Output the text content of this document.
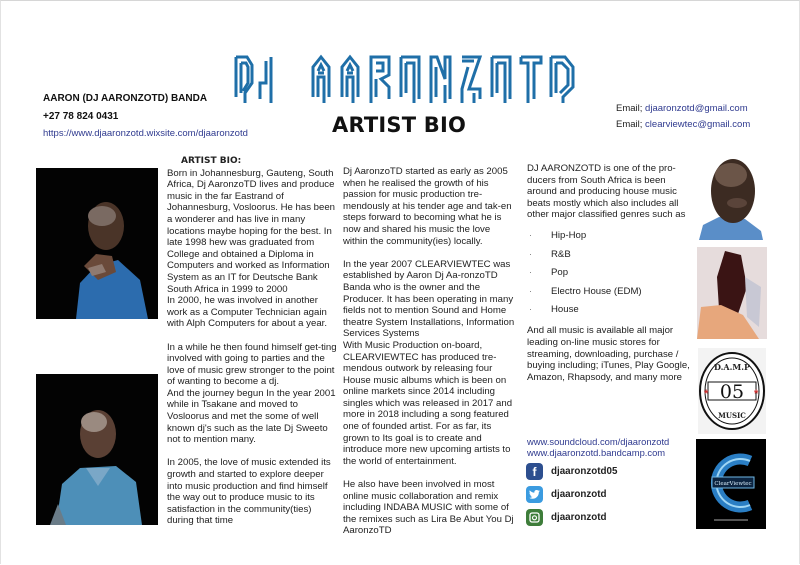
ARTIST BIO
AARON (DJ AARONZOTD) BANDA
+27 78 824 0431
https://www.djaaronzotd.wixsite.com/djaaronzotd
Email; djaaronzotd@gmail.com
Email; clearviewtec@gmail.com
ARTIST BIO:

Born in Johannesburg, Gauteng, South Africa, Dj AaronzoTD lives and produce music in the far Eastrand of Johannesburg, Vosloorus. He has been a wonderer and has live in many locations maybe hoping for the best. In late 1998 hew was graduated from College and obtained a Diploma in Computers and worked as Information System as an IT for Deutsche Bank South Africa in 1999 to 2000

In 2000, he was involved in another work as a Computer Technician again with Alph Computers for about a year.

In a while he then found himself get-ting involved with going to parties and the love of music grew stronger to the point of wanting to become a dj.

And the journey begun In the year 2001 while in Tsakane and moved to Vosloorus and met the some of well known dj's such as the late Dj Sweeto not to mention many.

In 2005, the love of music extended its growth and started to explore deeper into music production and find himself the way out to produce music to its satisfaction in the community(ties) during that time

Dj AaronzoTD started as early as 2005 when he realised the growth of his passion for music production tre-mendously at his tender age and tak-en steps forward to becoming what he is now and shared his music the love within the community(ies) locally.

In the year 2007 CLEARVIEWTEC was established by Aaron Dj Aa-ronzoTD Banda who is the owner and the Producer. It has been operating in many fields not to mention Sound and Home theatre System Installations, Information Services Systems

With Music Production on-board, CLEARVIEWTEC has produced tre-mendous outwork by releasing four House music albums which is been on online markets since 2014 including singles which was released in 2017 and more in 2018 including a song featured one of founded artist. For as far, its grown to Its goal is to create and introduce more new upcoming artists to the world of entertainment.

He also have been involved in most online music collaboration and remix including INDABA MUSIC with some of the remixes such as Lira Be Abut You Dj AaronzoTD

DJ AARONZOTD is one of the pro-ducers from South Africa is been around and producing house music beats mostly which also includes all other major classified genres such as

·	Hip-Hop
·	R&B
·	Pop
·	Electro House (EDM)
·	House

And all music is available all major leading on-line music stores for streaming, downloading, purchase / buying including; iTunes, Play Google, Amazon, Rhapsody, and many more

www.soundcloud.com/djaaronzotd
www.djaaronzotd.bandcamp.com
f	djaaronzotd05
djaaronzotd
djaaronzotd
D.A.M.P
05
*	*
MUSIC
ClearViewtec
